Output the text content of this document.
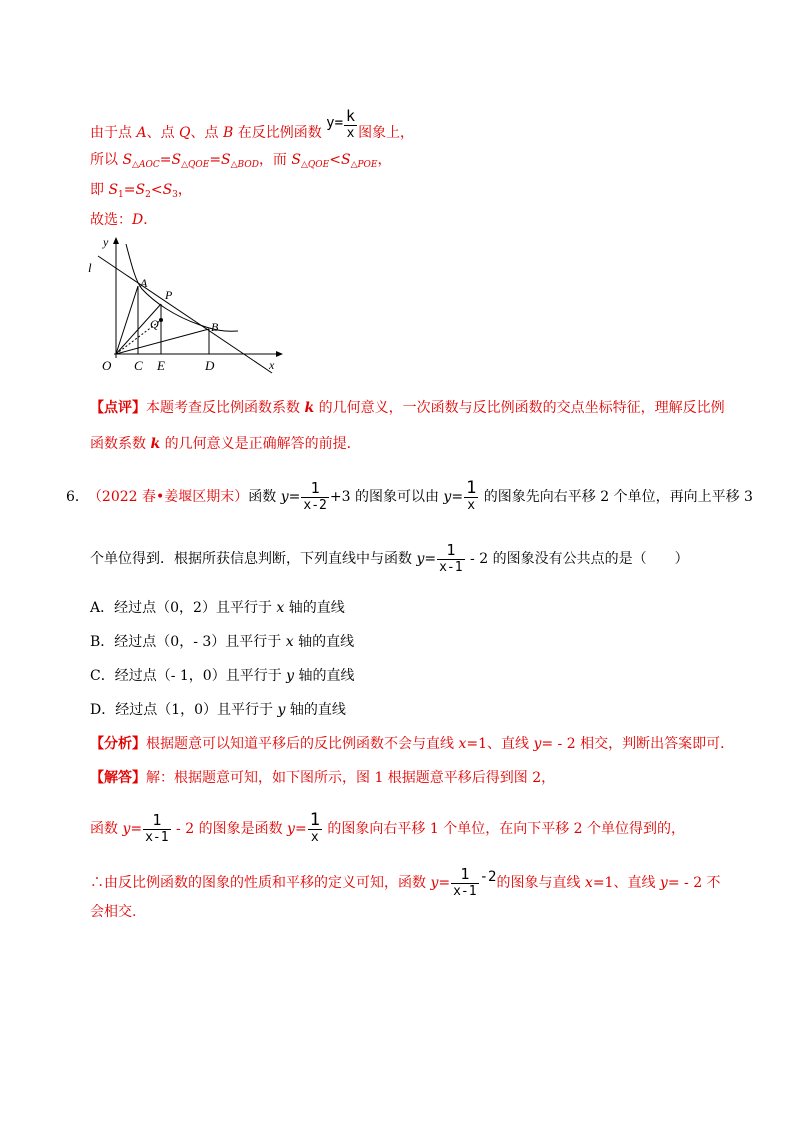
由于点 A、点 Q、点 B 在反比例函数 $y= \frac{k}{x}$ 图象上，
所以 $S_{\triangle AOC}=S_{\triangle QOE}=S_{\triangle BOD}$，而 $S_{\triangle QOE}<S_{\triangle POE}$，
即 $S_1=S_2<S_3$，
故选：D．
y
l
A
P
Q	B
O C E	D	x
【点评】本题考查反比例函数系数 k 的几何意义，一次函数与反比例函数的交点坐标特征，理解反比例
函数系数 k 的几何意义是正确解答的前提．
6． （2022 春•姜堰区期末）函数 $y= \frac{1}{x-2} +3$ 的图象可以由 $y= \frac{1}{x}$ 的图象先向右平移 2 个单位，再向上平移 3
个单位得到．根据所获信息判断，下列直线中与函数 $y= \frac{1}{x-1} - 2$ 的图象没有公共点的是（　　）
A．经过点（0，2）且平行于 x 轴的直线
B．经过点（0，- 3）且平行于 x 轴的直线
C．经过点（- 1，0）且平行于 y 轴的直线
D．经过点（1，0）且平行于 y 轴的直线
【分析】根据题意可以知道平移后的反比例函数不会与直线 x=1、直线 y= - 2 相交，判断出答案即可．
【解答】解：根据题意可知，如下图所示，图 1 根据题意平移后得到图 2，
函数 $y= \frac{1}{x-1} - 2$ 的图象是函数 $y= \frac{1}{x}$ 的图象向右平移 1 个单位，在向下平移 2 个单位得到的，
∴由反比例函数的图象的性质和平移的定义可知，函数 $y= \frac{1}{x-1} -2$的图象与直线 x=1、直线 y= - 2 不
会相交.
